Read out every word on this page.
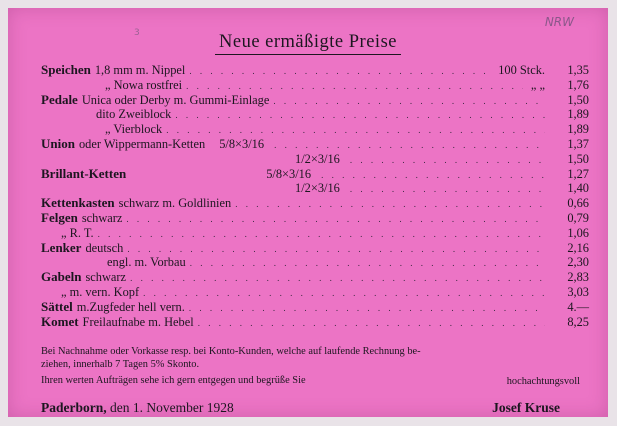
NRW
3	Neue ermäßigte Preise
Speichen 1,8 mm m. Nippel . . .	100 Stck.	1,35
„ Nowa rostfrei . . .	„ „	1,76
Pedale Unica oder Derby m. Gummi-Einlage . . .	1,50
dito Zweiblock . . .	1,89
„ Vierblock . . .	1,89
Union oder Wippermann-Ketten	5/8×3/16 . . .	1,37
1/2×3/16 . . .	1,50
Brillant-Ketten	5/8×3/16 . . .	1,27
1/2×3/16 . . .	1,40
Kettenkasten schwarz m. Goldlinien . . .	0,66
Felgen schwarz . . .	0,79
„ R. T. . . .	1,06
Lenker deutsch . . .	2,16
engl. m. Vorbau . . .	2,30
Gabeln schwarz . . .	2,83
„ m. vern. Kopf . . .	3,03
Sättel m.Zugfeder hell vern. . . .	4.—
Komet Freilaufnabe m. Hebel . . .	8,25
Bei Nachnahme oder Vorkasse resp. bei Konto-Kunden, welche auf laufende Rechnung be-
ziehen, innerhalb 7 Tagen 5% Skonto.
Ihren werten Aufträgen sehe ich gern entgegen und begrüße Sie	hochachtungsvoll
Paderborn, den 1. November 1928	Josef Kruse
